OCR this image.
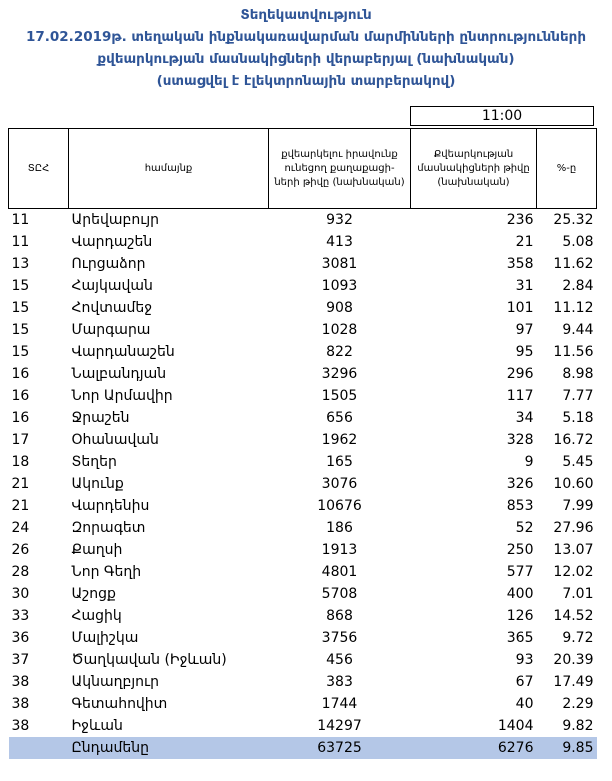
Տեղեկատվություն
17.02.2019թ. տեղական ինքնակառավարման մարմինների ընտրությունների
քվեարկության մասնակիցների վերաբերյալ (նախնական)
(ստացվել է էլեկտրոնային տարբերակով)
11:00
ՏԸՀ	համայնք	քվեարկելու իրավունք ունեցող քաղաքացի-ների թիվը (նախնական)	Քվեարկության մասնակիցների թիվը (նախնական)	%-ը
11	Արեվաբույր	932	236	25.32
11	Վարդաշեն	413	21	5.08
13	Ուրցաձոր	3081	358	11.62
15	Հայկավան	1093	31	2.84
15	Հովտամեջ	908	101	11.12
15	Մարգարա	1028	97	9.44
15	Վարդանաշեն	822	95	11.56
16	Նալբանդյան	3296	296	8.98
16	Նոր Արմավիր	1505	117	7.77
16	Ջրաշեն	656	34	5.18
17	Օհանավան	1962	328	16.72
18	Տեղեր	165	9	5.45
21	Ակունք	3076	326	10.60
21	Վարդենիս	10676	853	7.99
24	Զորագետ	186	52	27.96
26	Քաղսի	1913	250	13.07
28	Նոր Գեղի	4801	577	12.02
30	Աշոցք	5708	400	7.01
33	Հացիկ	868	126	14.52
36	Մալիշկա	3756	365	9.72
37	Ծաղկավան (Իջևան)	456	93	20.39
38	Ակնաղբյուր	383	67	17.49
38	Գետահովիտ	1744	40	2.29
38	Իջևան	14297	1404	9.82
	Ընդամենը	63725	6276	9.85
